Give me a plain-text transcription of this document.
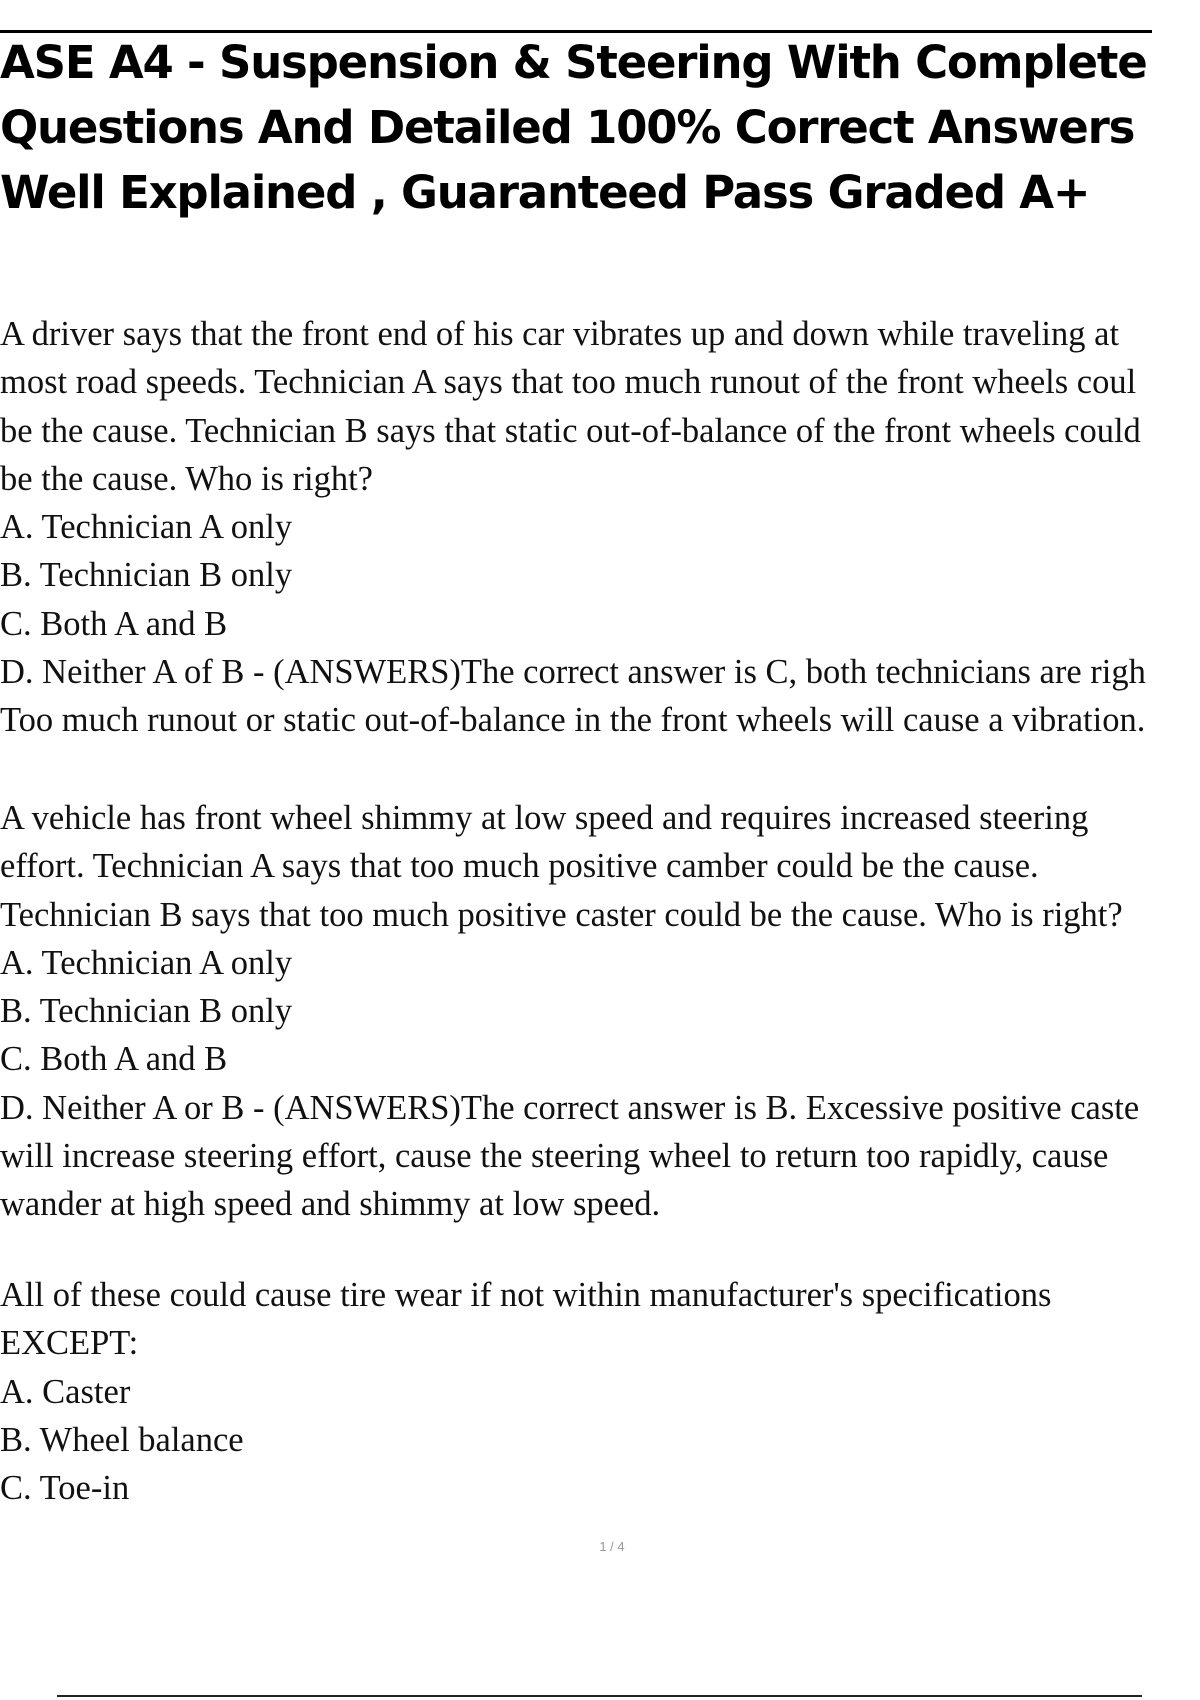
ASE A4 - Suspension & Steering With Complete
Questions And Detailed 100% Correct Answers
Well Explained , Guaranteed Pass Graded A+
A driver says that the front end of his car vibrates up and down while traveling at
most road speeds. Technician A says that too much runout of the front wheels coul
be the cause. Technician B says that static out-of-balance of the front wheels could
be the cause. Who is right?
A. Technician A only
B. Technician B only
C. Both A and B
D. Neither A of B - (ANSWERS)The correct answer is C, both technicians are righ
Too much runout or static out-of-balance in the front wheels will cause a vibration.
A vehicle has front wheel shimmy at low speed and requires increased steering
effort. Technician A says that too much positive camber could be the cause.
Technician B says that too much positive caster could be the cause. Who is right?
A. Technician A only
B. Technician B only
C. Both A and B
D. Neither A or B - (ANSWERS)The correct answer is B. Excessive positive caste
will increase steering effort, cause the steering wheel to return too rapidly, cause
wander at high speed and shimmy at low speed.
All of these could cause tire wear if not within manufacturer's specifications
EXCEPT:
A. Caster
B. Wheel balance
C. Toe-in
1 / 4
